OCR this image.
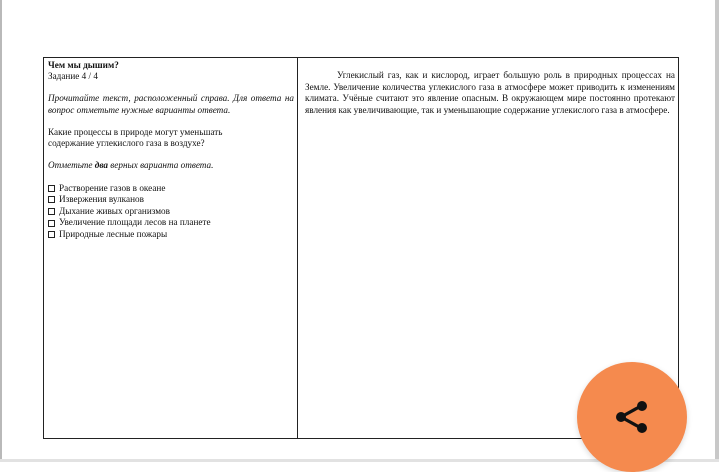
Чем мы дышим?

Задание 4 / 4

Прочитайте текст, расположенный справа. Для ответа на вопрос отметьте нужные варианты ответа.

Какие процессы в природе могут уменьшать

содержание углекислого газа в воздухе?

Отметьте два верных варианта ответа.

Растворение газов в океане
Извержения вулканов
Дыхание живых организмов
Увеличение площади лесов на планете
Природные лесные пожары

Углекислый газ, как и кислород, играет большую роль в природных процессах на Земле. Увеличение количества углекислого газа в атмосфере может приводить к изменениям климата. Учёные считают это явление опасным. В окружающем мире постоянно протекают явления как увеличивающие, так и уменьшающие содержание углекислого газа в атмосфере.
